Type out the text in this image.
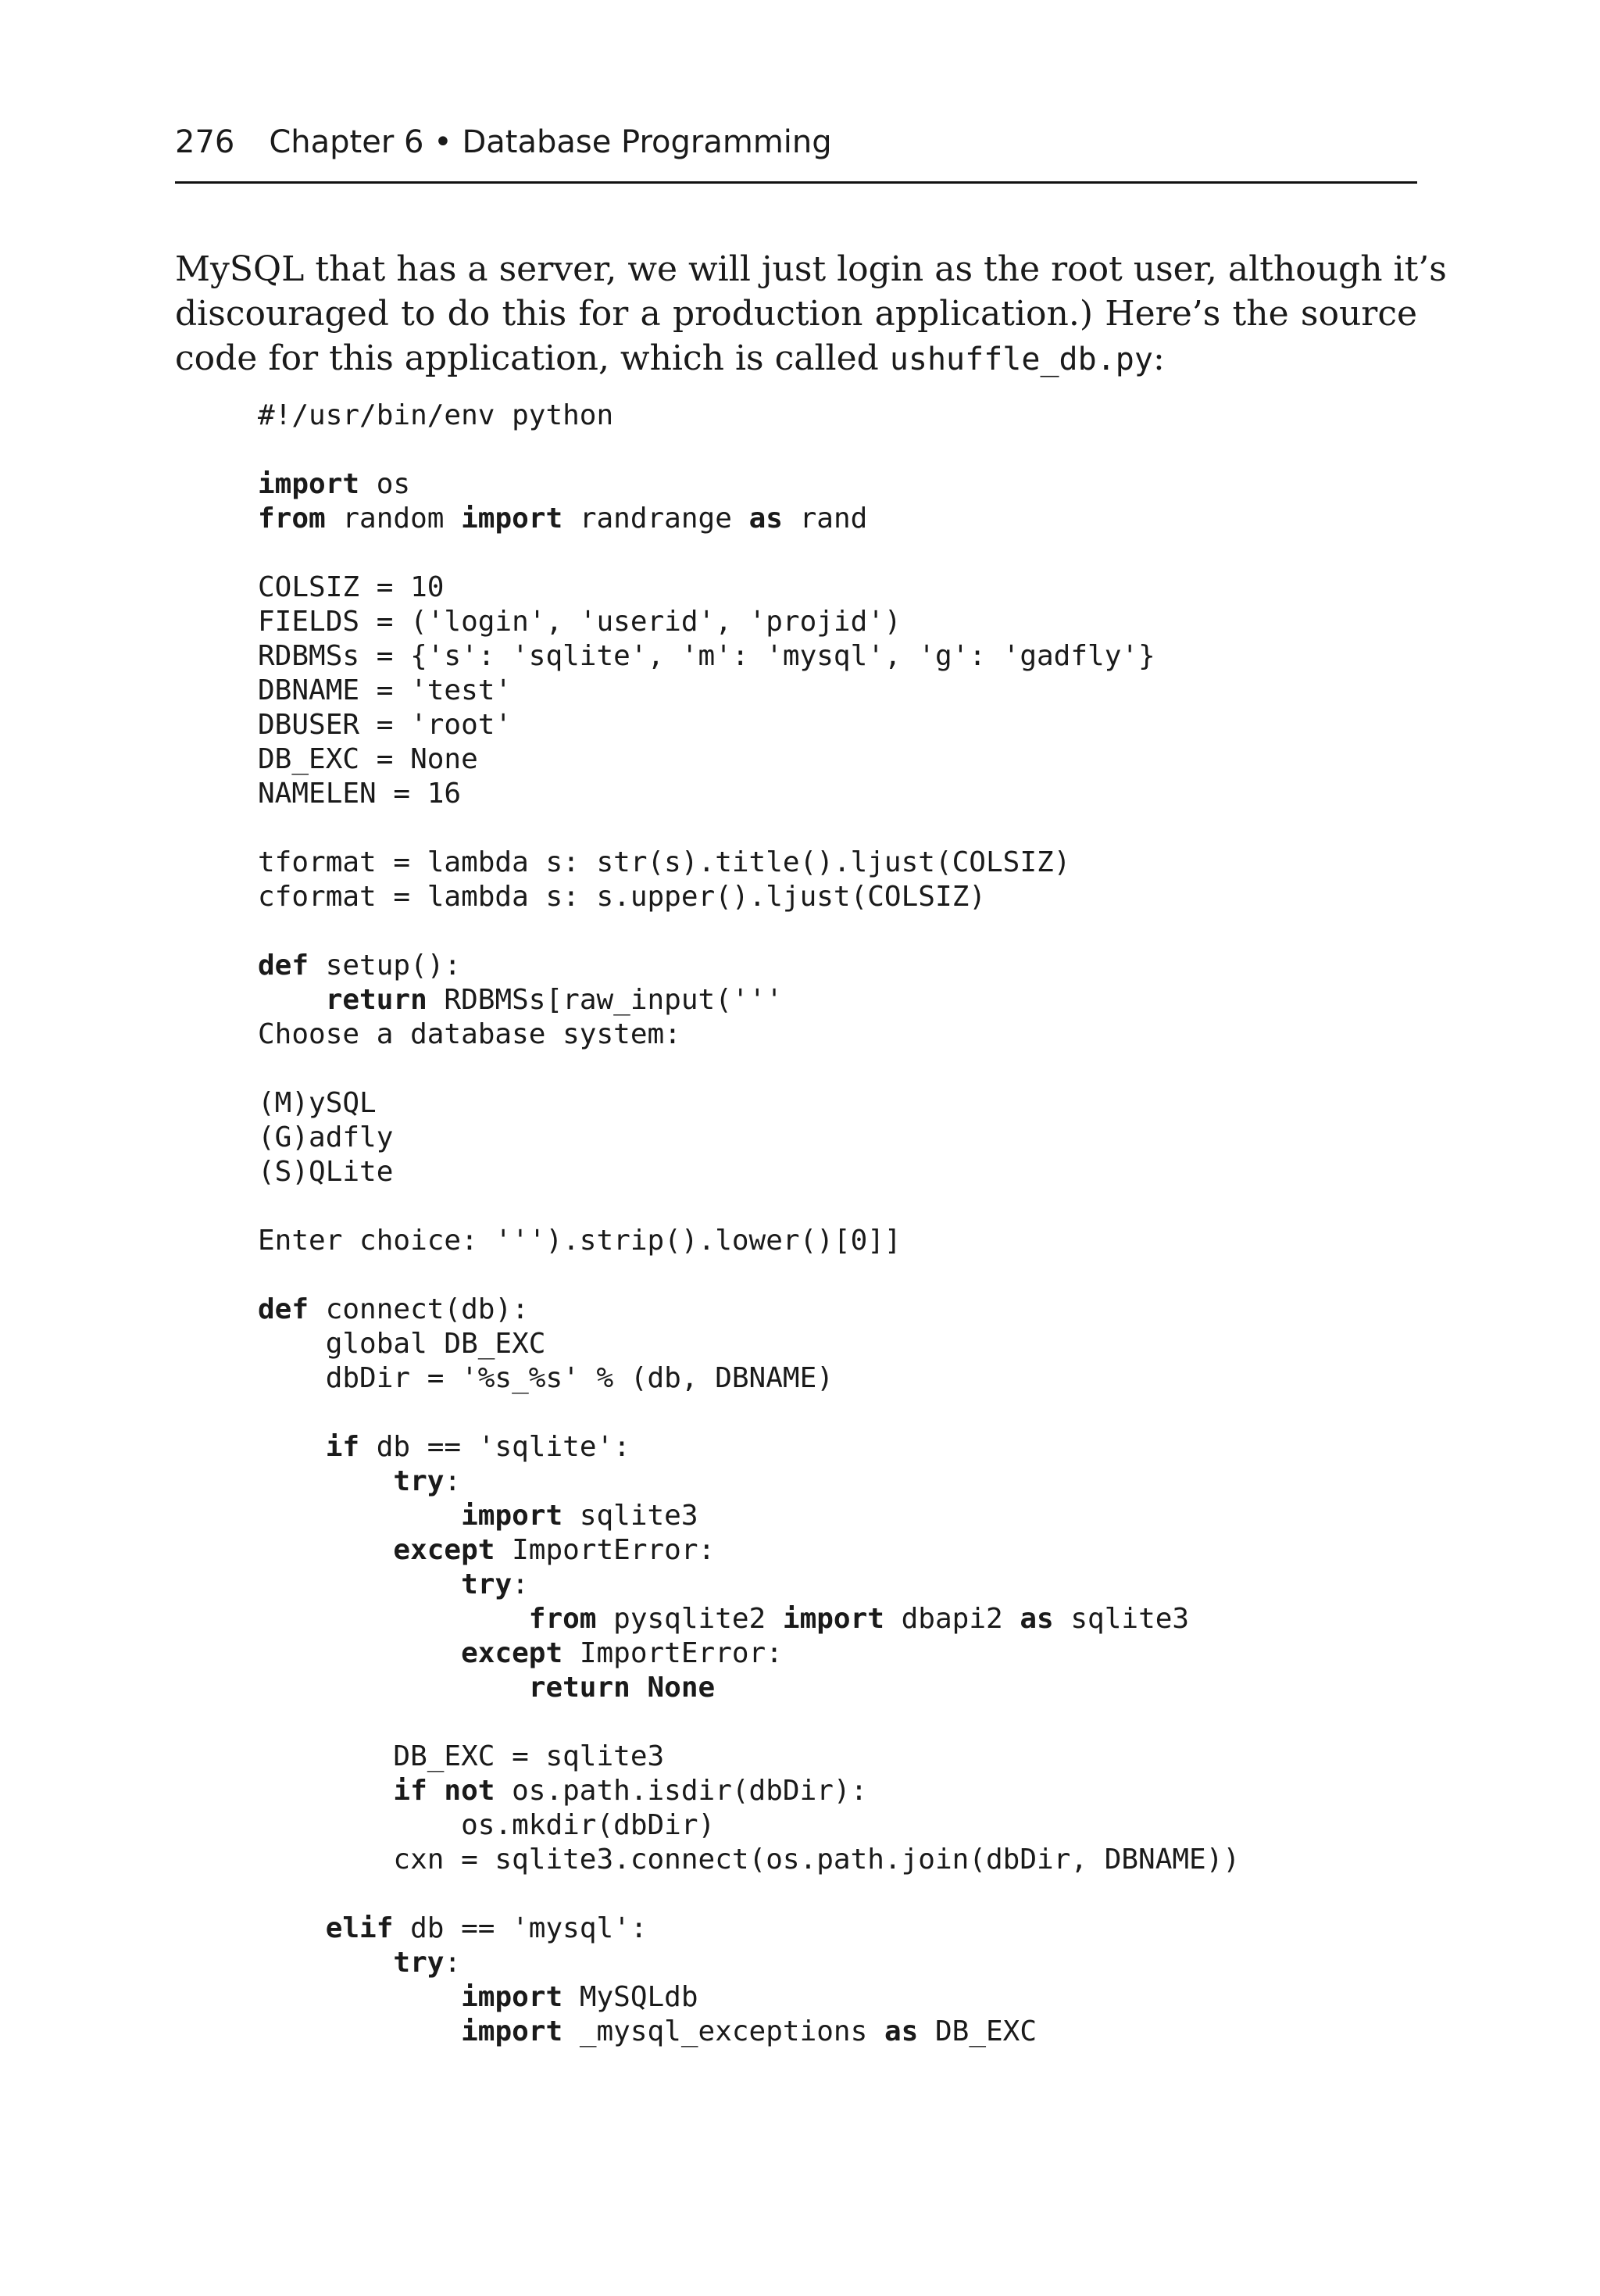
276 Chapter 6 • Database Programming
MySQL that has a server, we will just login as the root user, although it’s
discouraged to do this for a production application.) Here’s the source
code for this application, which is called ushuffle_db.py:
#!/usr/bin/env python
import os
from random import randrange as rand
COLSIZ = 10
FIELDS = ('login', 'userid', 'projid')
RDBMSs = {'s': 'sqlite', 'm': 'mysql', 'g': 'gadfly'}
DBNAME = 'test'
DBUSER = 'root'
DB_EXC = None
NAMELEN = 16
tformat = lambda s: str(s).title().ljust(COLSIZ)
cformat = lambda s: s.upper().ljust(COLSIZ)
def setup():
return RDBMSs[raw_input('''
Choose a database system:
(M)ySQL
(G)adfly
(S)QLite
Enter choice: ''').strip().lower()[0]]
def connect(db):
global DB_EXC
dbDir = '%s_%s' % (db, DBNAME)
if db == 'sqlite':
try:
import sqlite3
except ImportError:
try:
from pysqlite2 import dbapi2 as sqlite3
except ImportError:
return None
DB_EXC = sqlite3
if not os.path.isdir(dbDir):
os.mkdir(dbDir)
cxn = sqlite3.connect(os.path.join(dbDir, DBNAME))
elif db == 'mysql':
try:
import MySQLdb
import _mysql_exceptions as DB_EXC
